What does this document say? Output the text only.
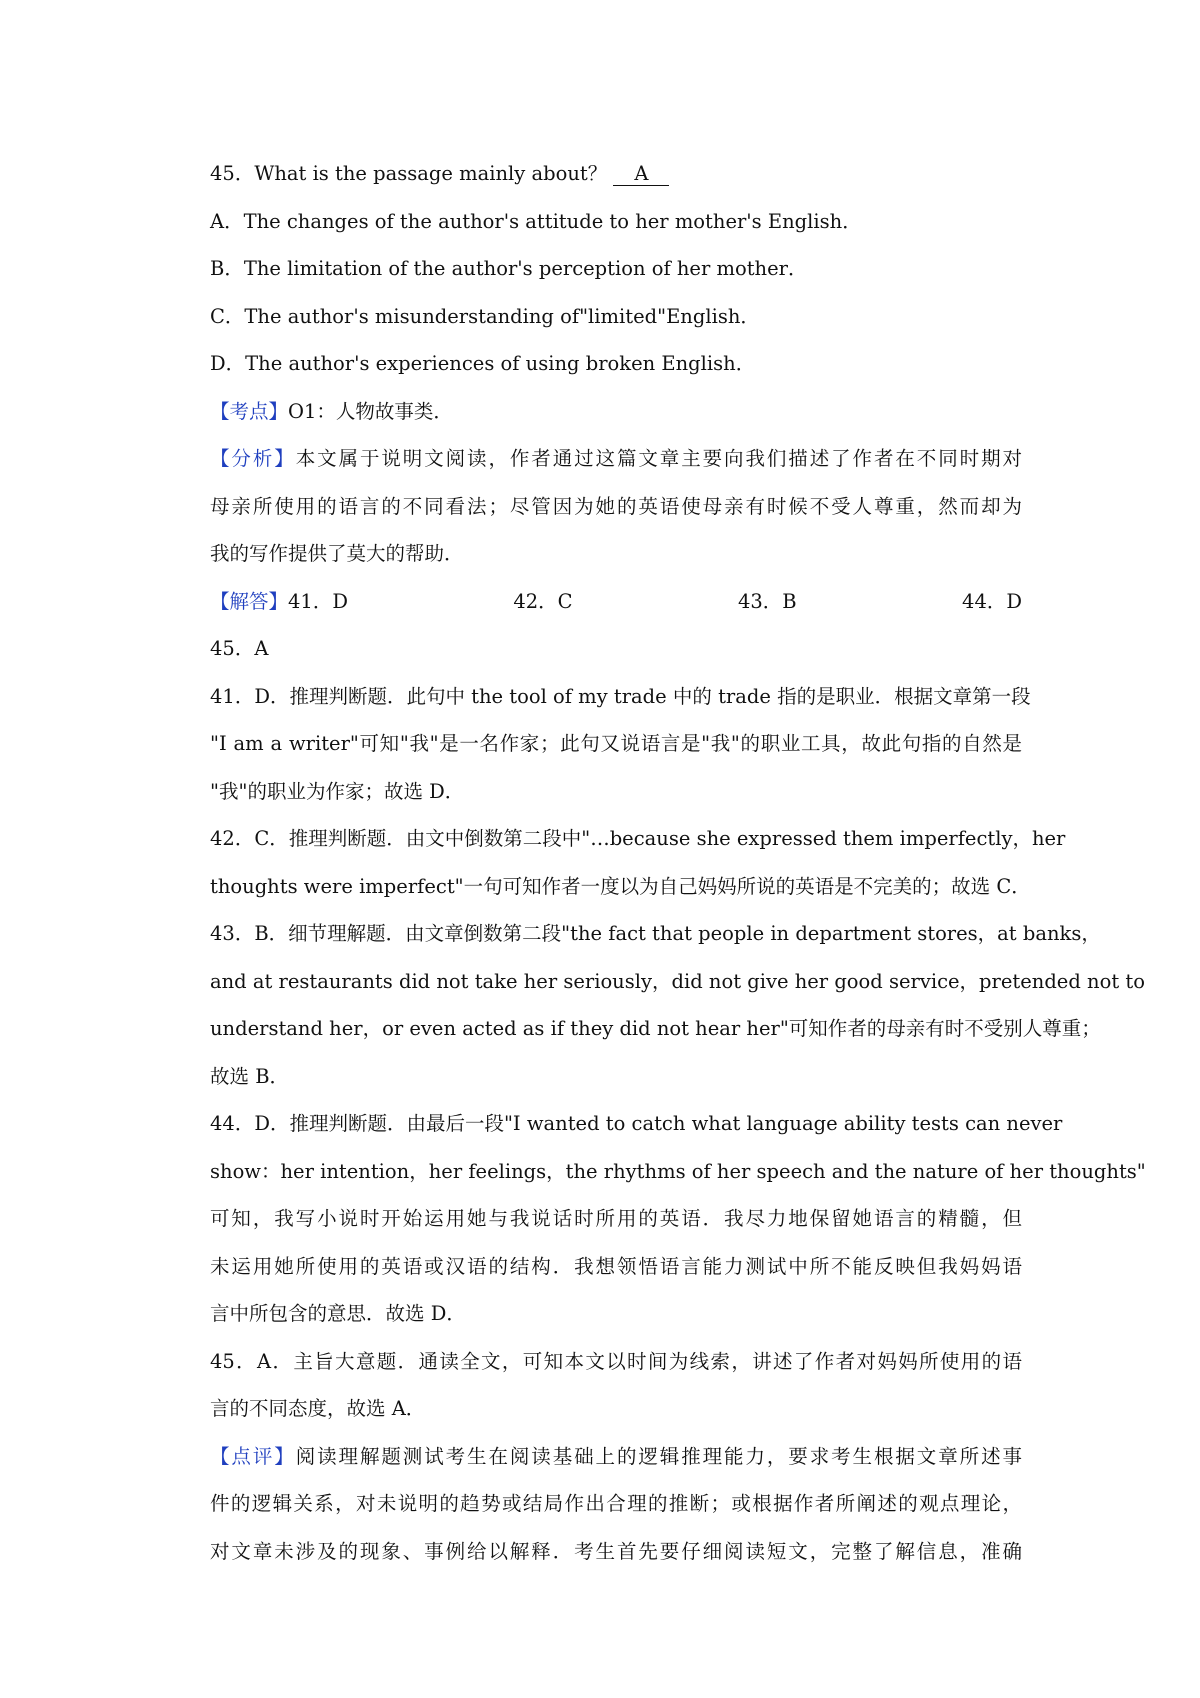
45．What is the passage mainly about？ A
A．The changes of the author's attitude to her mother's English．
B．The limitation of the author's perception of her mother．
C．The author's misunderstanding of"limited"English．
D．The author's experiences of using broken English．
【考点】O1：人物故事类．
【分析】本文属于说明文阅读，作者通过这篇文章主要向我们描述了作者在不同时期对
母亲所使用的语言的不同看法；尽管因为她的英语使母亲有时候不受人尊重，然而却为
我的写作提供了莫大的帮助．
【解答】41．D	42．C	43．B	44．D
45．A
41．D．推理判断题．此句中 the tool of my trade 中的 trade 指的是职业．根据文章第一段
"I am a writer"可知"我"是一名作家；此句又说语言是"我"的职业工具，故此句指的自然是
"我"的职业为作家；故选 D．
42．C．推理判断题．由文中倒数第二段中"…because she expressed them imperfectly，her
thoughts were imperfect"一句可知作者一度以为自己妈妈所说的英语是不完美的；故选 C．
43．B．细节理解题．由文章倒数第二段"the fact that people in department stores，at banks，
and at restaurants did not take her seriously，did not give her good service，pretended not to
understand her，or even acted as if they did not hear her"可知作者的母亲有时不受别人尊重；
故选 B．
44．D．推理判断题．由最后一段"I wanted to catch what language ability tests can never
show：her intention，her feelings，the rhythms of her speech and the nature of her thoughts"
可知，我写小说时开始运用她与我说话时所用的英语．我尽力地保留她语言的精髓，但
未运用她所使用的英语或汉语的结构．我想领悟语言能力测试中所不能反映但我妈妈语
言中所包含的意思．故选 D．
45．A．主旨大意题．通读全文，可知本文以时间为线索，讲述了作者对妈妈所使用的语
言的不同态度，故选 A．
【点评】阅读理解题测试考生在阅读基础上的逻辑推理能力，要求考生根据文章所述事
件的逻辑关系，对未说明的趋势或结局作出合理的推断；或根据作者所阐述的观点理论，
对文章未涉及的现象、事例给以解释．考生首先要仔细阅读短文，完整了解信息，准确
